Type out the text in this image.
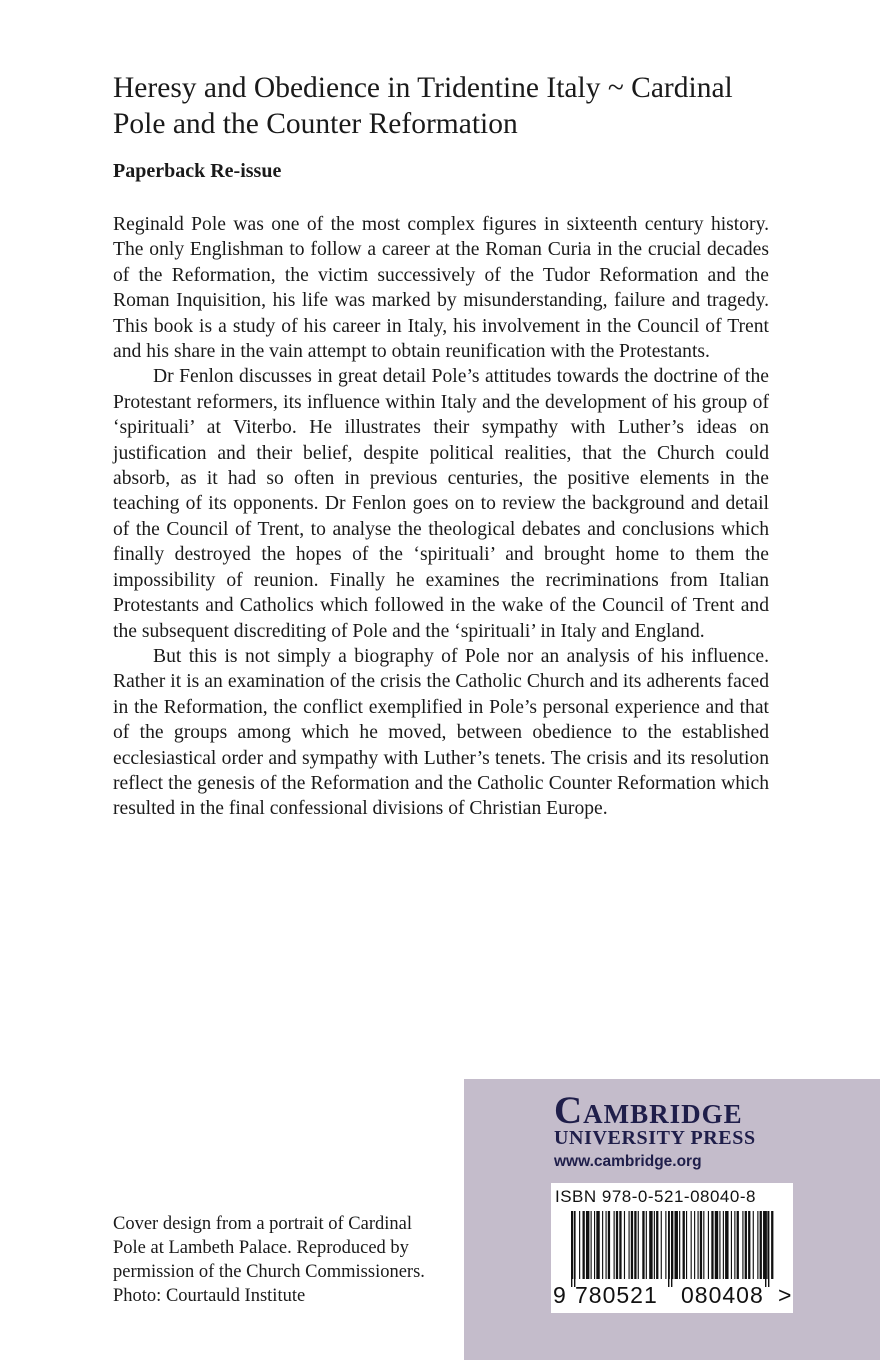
Heresy and Obedience in Tridentine Italy ~ Cardinal Pole and the Counter Reformation
Paperback Re-issue

Reginald Pole was one of the most complex figures in sixteenth century history. The only Englishman to follow a career at the Roman Curia in the crucial decades of the Reformation, the victim successively of the Tudor Reformation and the Roman Inquisition, his life was marked by misunderstanding, failure and tragedy. This book is a study of his career in Italy, his involvement in the Council of Trent and his share in the vain attempt to obtain reunification with the Protestants.

Dr Fenlon discusses in great detail Pole’s attitudes towards the doctrine of the Protestant reformers, its influence within Italy and the development of his group of ‘spirituali’ at Viterbo. He illustrates their sympathy with Luther’s ideas on justification and their belief, despite political realities, that the Church could absorb, as it had so often in previous centuries, the positive elements in the teaching of its opponents. Dr Fenlon goes on to review the background and detail of the Council of Trent, to analyse the theological debates and conclusions which finally destroyed the hopes of the ‘spirituali’ and brought home to them the impossibility of reunion. Finally he examines the recriminations from Italian Protestants and Catholics which followed in the wake of the Council of Trent and the subsequent discrediting of Pole and the ‘spirituali’ in Italy and England.

But this is not simply a biography of Pole nor an analysis of his influence. Rather it is an examination of the crisis the Catholic Church and its adherents faced in the Reformation, the conflict exemplified in Pole’s personal experience and that of the groups among which he moved, between obedience to the established ecclesiastical order and sympathy with Luther’s tenets. The crisis and its resolution reflect the genesis of the Reformation and the Catholic Counter Reformation which resulted in the final confessional divisions of Christian Europe.

Cover design from a portrait of Cardinal
Pole at Lambeth Palace. Reproduced by
permission of the Church Commissioners.
Photo: Courtauld Institute
Cambridge
UNIVERSITY PRESS
www.cambridge.org
ISBN 978-0-521-08040-8
9 780521 080408 >
